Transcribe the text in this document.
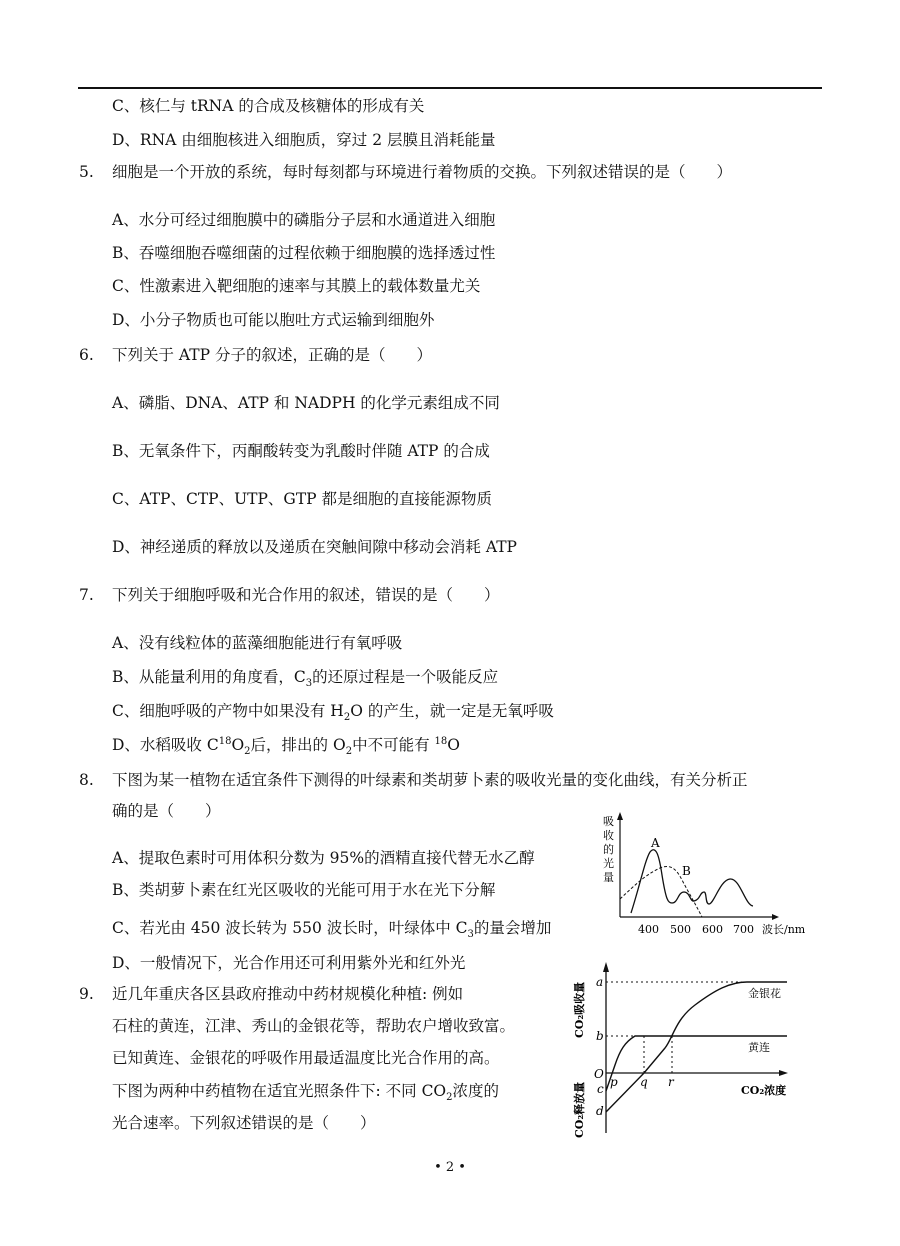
C、核仁与 tRNA 的合成及核糖体的形成有关
D、RNA 由细胞核进入细胞质，穿过 2 层膜且消耗能量
5. 细胞是一个开放的系统，每时每刻都与环境进行着物质的交换。下列叙述错误的是（　　）
A、水分可经过细胞膜中的磷脂分子层和水通道进入细胞
B、吞噬细胞吞噬细菌的过程依赖于细胞膜的选择透过性
C、性激素进入靶细胞的速率与其膜上的载体数量尤关
D、小分子物质也可能以胞吐方式运输到细胞外
6. 下列关于 ATP 分子的叙述，正确的是（　　）
A、磷脂、DNA、ATP 和 NADPH 的化学元素组成不同
B、无氧条件下，丙酮酸转变为乳酸时伴随 ATP 的合成
C、ATP、CTP、UTP、GTP 都是细胞的直接能源物质
D、神经递质的释放以及递质在突触间隙中移动会消耗 ATP
7. 下列关于细胞呼吸和光合作用的叙述，错误的是（　　）
A、没有线粒体的蓝藻细胞能进行有氧呼吸
B、从能量利用的角度看，$C_3$的还原过程是一个吸能反应
C、细胞呼吸的产物中如果没有 $H_2O$ 的产生，就一定是无氧呼吸
D、水稻吸收 $C^{18}O_2$后，排出的 $O_2$中不可能有 $^{18}$O
8. 下图为某一植物在适宜条件下测得的叶绿素和类胡萝卜素的吸收光量的变化曲线，有关分析正
确的是（　　）
A、提取色素时可用体积分数为 95%的酒精直接代替无水乙醇
B、类胡萝卜素在红光区吸收的光能可用于水在光下分解
C、若光由 450 波长转为 550 波长时，叶绿体中 $C_3$的量会增加
D、一般情况下，光合作用还可利用紫外光和红外光
9. 近几年重庆各区县政府推动中药材规模化种植: 例如
石柱的黄连，江津、秀山的金银花等，帮助农户增收致富。
已知黄连、金银花的呼吸作用最适温度比光合作用的高。
下图为两种中药植物在适宜光照条件下: 不同 $CO_2$浓度的
光合速率。下列叙述错误的是（　　）
吸
收
的
光
量
A
B
400 500 600 700 波长/nm
a
b
O
c
d
p q r
金银花
黄连
CO₂浓度
CO₂吸收量
CO₂释放量
• 2 •
